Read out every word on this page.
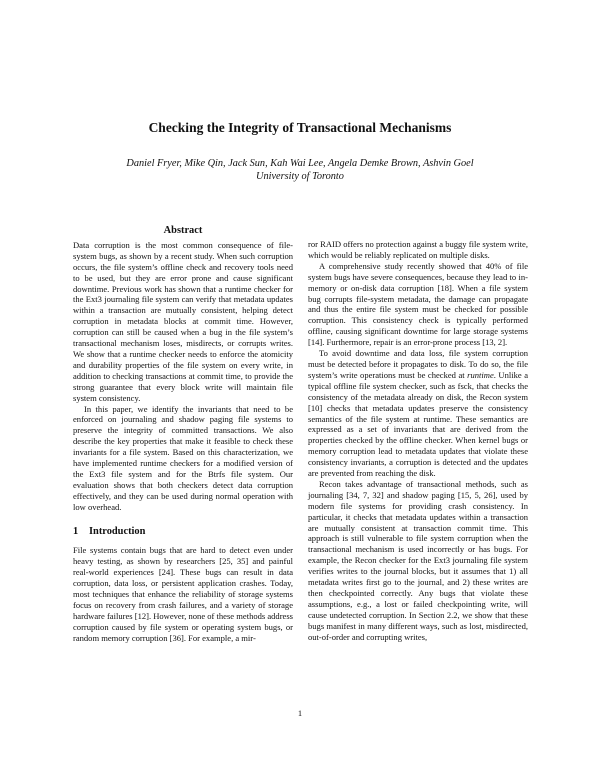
Checking the Integrity of Transactional Mechanisms
Daniel Fryer, Mike Qin, Jack Sun, Kah Wai Lee, Angela Demke Brown, Ashvin Goel
University of Toronto
Abstract

Data corruption is the most common consequence of file-system bugs, as shown by a recent study. When such corruption occurs, the file system’s offline check and recovery tools need to be used, but they are error prone and cause significant downtime. Previous work has shown that a runtime checker for the Ext3 journaling file system can verify that metadata updates within a transaction are mutually consistent, helping detect corruption in metadata blocks at commit time. However, corruption can still be caused when a bug in the file system’s transactional mechanism loses, misdirects, or corrupts writes. We show that a runtime checker needs to enforce the atomicity and durability properties of the file system on every write, in addition to checking transactions at commit time, to provide the strong guarantee that every block write will maintain file system consistency.

In this paper, we identify the invariants that need to be enforced on journaling and shadow paging file systems to preserve the integrity of committed transactions. We also describe the key properties that make it feasible to check these invariants for a file system. Based on this characterization, we have implemented runtime checkers for a modified version of the Ext3 file system and for the Btrfs file system. Our evaluation shows that both checkers detect data corruption effectively, and they can be used during normal operation with low overhead.

1 Introduction

File systems contain bugs that are hard to detect even under heavy testing, as shown by researchers [25, 35] and painful real-world experiences [24]. These bugs can result in data corruption, data loss, or persistent application crashes. Today, most techniques that enhance the reliability of storage systems focus on recovery from crash failures, and a variety of storage hardware failures [12]. However, none of these methods address corruption caused by file system or operating system bugs, or random memory corruption [36]. For example, a mir-

ror RAID offers no protection against a buggy file system write, which would be reliably replicated on multiple disks.

A comprehensive study recently showed that 40% of file system bugs have severe consequences, because they lead to in-memory or on-disk data corruption [18]. When a file system bug corrupts file-system metadata, the damage can propagate and thus the entire file system must be checked for possible corruption. This consistency check is typically performed offline, causing significant downtime for large storage systems [14]. Furthermore, repair is an error-prone process [13, 2].

To avoid downtime and data loss, file system corruption must be detected before it propagates to disk. To do so, the file system’s write operations must be checked at runtime. Unlike a typical offline file system checker, such as fsck, that checks the consistency of the metadata already on disk, the Recon system [10] checks that metadata updates preserve the consistency semantics of the file system at runtime. These semantics are expressed as a set of invariants that are derived from the properties checked by the offline checker. When kernel bugs or memory corruption lead to metadata updates that violate these consistency invariants, a corruption is detected and the updates are prevented from reaching the disk.

Recon takes advantage of transactional methods, such as journaling [34, 7, 32] and shadow paging [15, 5, 26], used by modern file systems for providing crash consistency. In particular, it checks that metadata updates within a transaction are mutually consistent at transaction commit time. This approach is still vulnerable to file system corruption when the transactional mechanism is used incorrectly or has bugs. For example, the Recon checker for the Ext3 journaling file system verifies writes to the journal blocks, but it assumes that 1) all metadata writes first go to the journal, and 2) these writes are then checkpointed correctly. Any bugs that violate these assumptions, e.g., a lost or failed checkpointing write, will cause undetected corruption. In Section 2.2, we show that these bugs manifest in many different ways, such as lost, misdirected, out-of-order and corrupting writes,

1
